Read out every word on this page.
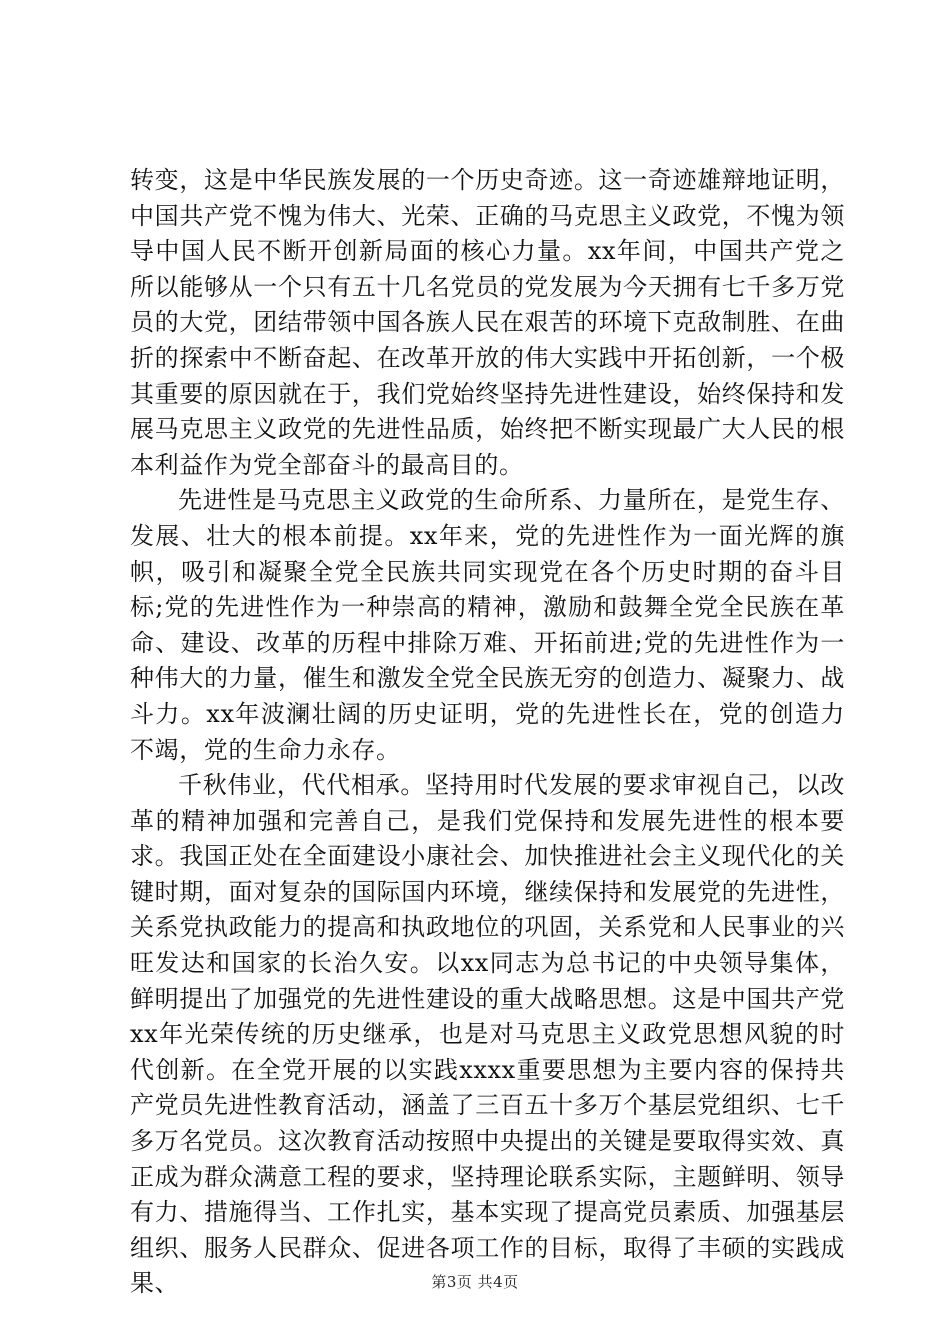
转变，这是中华民族发展的一个历史奇迹。这一奇迹雄辩地证明，中国共产党不愧为伟大、光荣、正确的马克思主义政党，不愧为领导中国人民不断开创新局面的核心力量。xx年间，中国共产党之所以能够从一个只有五十几名党员的党发展为今天拥有七千多万党员的大党，团结带领中国各族人民在艰苦的环境下克敌制胜、在曲折的探索中不断奋起、在改革开放的伟大实践中开拓创新，一个极其重要的原因就在于，我们党始终坚持先进性建设，始终保持和发展马克思主义政党的先进性品质，始终把不断实现最广大人民的根本利益作为党全部奋斗的最高目的。

先进性是马克思主义政党的生命所系、力量所在，是党生存、发展、壮大的根本前提。xx年来，党的先进性作为一面光辉的旗帜，吸引和凝聚全党全民族共同实现党在各个历史时期的奋斗目标;党的先进性作为一种崇高的精神，激励和鼓舞全党全民族在革命、建设、改革的历程中排除万难、开拓前进;党的先进性作为一种伟大的力量，催生和激发全党全民族无穷的创造力、凝聚力、战斗力。xx年波澜壮阔的历史证明，党的先进性长在，党的创造力不竭，党的生命力永存。

千秋伟业，代代相承。坚持用时代发展的要求审视自己，以改革的精神加强和完善自己，是我们党保持和发展先进性的根本要求。我国正处在全面建设小康社会、加快推进社会主义现代化的关键时期，面对复杂的国际国内环境，继续保持和发展党的先进性，关系党执政能力的提高和执政地位的巩固，关系党和人民事业的兴旺发达和国家的长治久安。以xx同志为总书记的中央领导集体，鲜明提出了加强党的先进性建设的重大战略思想。这是中国共产党xx年光荣传统的历史继承，也是对马克思主义政党思想风貌的时代创新。在全党开展的以实践xxxx重要思想为主要内容的保持共产党员先进性教育活动，涵盖了三百五十多万个基层党组织、七千多万名党员。这次教育活动按照中央提出的关键是要取得实效、真正成为群众满意工程的要求，坚持理论联系实际，主题鲜明、领导有力、措施得当、工作扎实，基本实现了提高党员素质、加强基层组织、服务人民群众、促进各项工作的目标，取得了丰硕的实践成果、	第3页 共4页
